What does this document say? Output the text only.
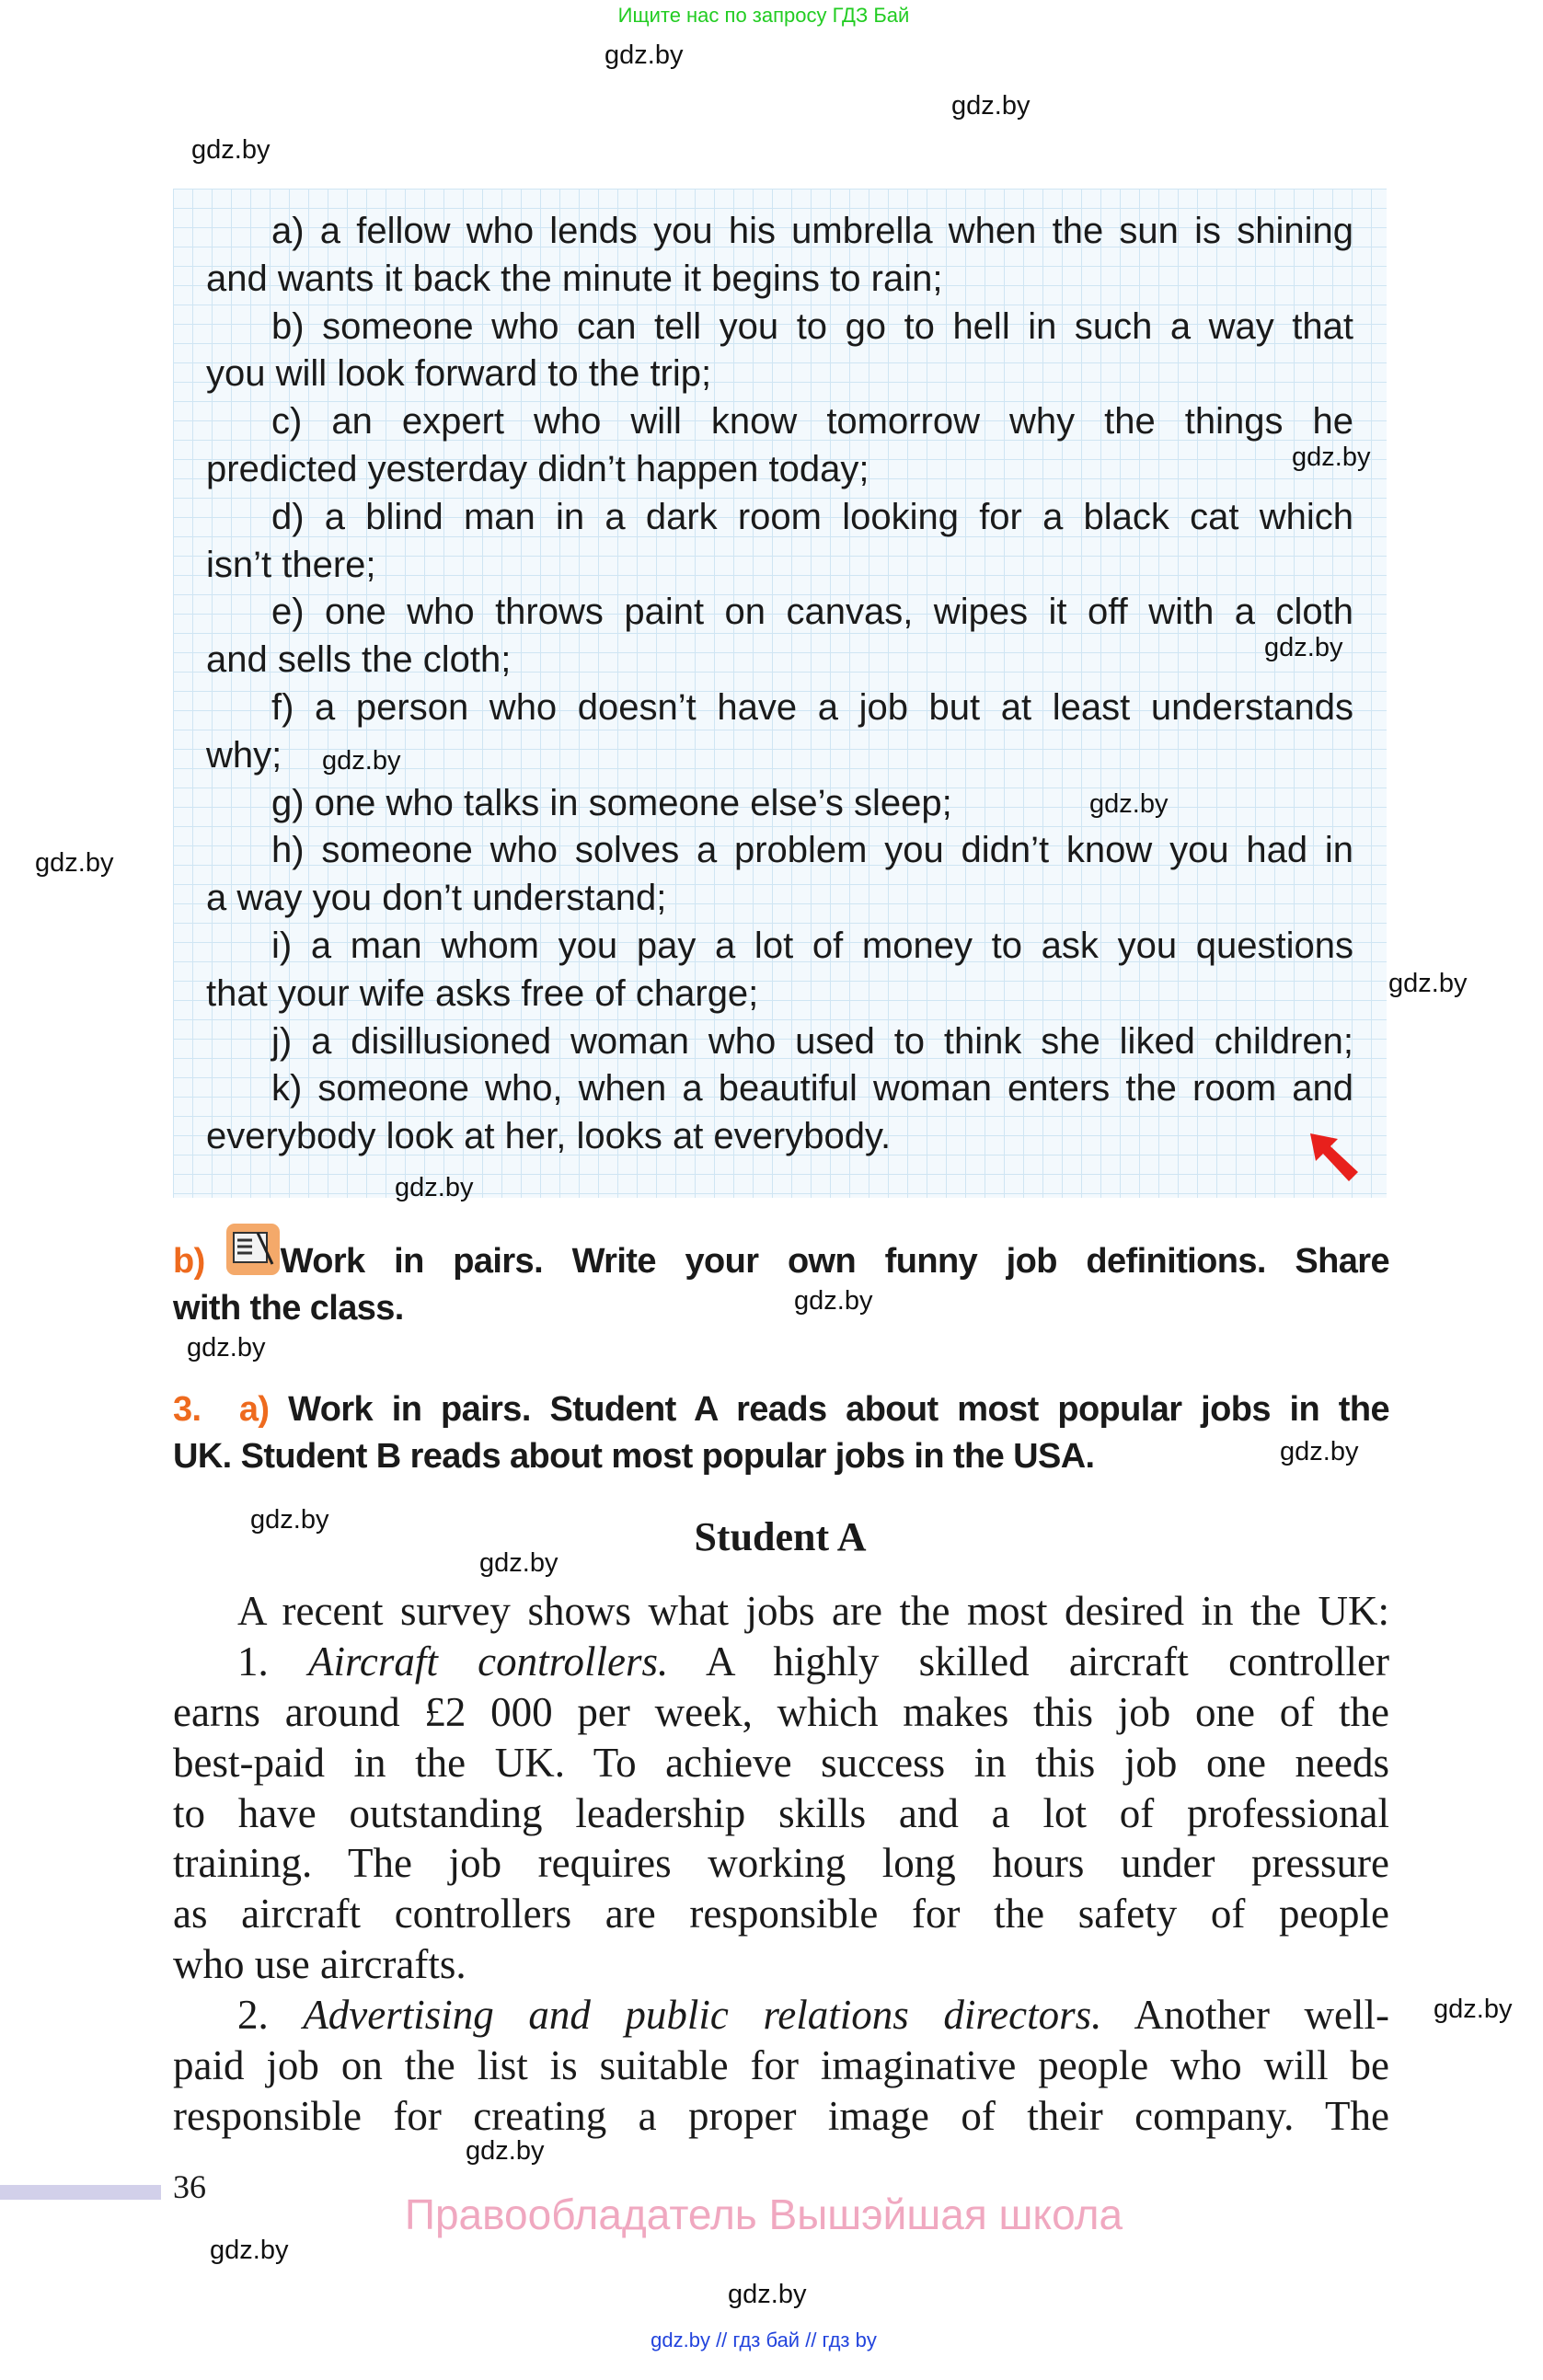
Ищите нас по запросу ГДЗ Бай
a) a fellow who lends you his umbrella when the sun is shining
and wants it back the minute it begins to rain;
b) someone who can tell you to go to hell in such a way that
you will look forward to the trip;
c) an expert who will know tomorrow why the things he
predicted yesterday didn’t happen today;
d) a blind man in a dark room looking for a black cat which
isn’t there;
e) one who throws paint on canvas, wipes it off with a cloth
and sells the cloth;
f) a person who doesn’t have a job but at least understands
why;
g) one who talks in someone else’s sleep;
h) someone who solves a problem you didn’t know you had in
a way you don’t understand;
i) a man whom you pay a lot of money to ask you questions
that your wife asks free of charge;
j) a disillusioned woman who used to think she liked children;
k) someone who, when a beautiful woman enters the room and
everybody look at her, looks at everybody.
b) Work in pairs. Write your own funny job definitions. Share
with the class.
3. a) Work in pairs. Student A reads about most popular jobs in the
UK. Student B reads about most popular jobs in the USA.
Student A
A recent survey shows what jobs are the most desired in the UK:
1. Aircraft controllers. A highly skilled aircraft controller
earns around £2 000 per week, which makes this job one of the
best-paid in the UK. To achieve success in this job one needs
to have outstanding leadership skills and a lot of professional
training. The job requires working long hours under pressure
as aircraft controllers are responsible for the safety of people
who use aircrafts.
2. Advertising and public relations directors. Another well-
paid job on the list is suitable for imaginative people who will be
responsible for creating a proper image of their company. The
36
Правообладатель Вышэйшая школа
gdz.by // гдз бай // гдз by
gdz.by
gdz.by
gdz.by
gdz.by
gdz.by
gdz.by
gdz.by
gdz.by
gdz.by
gdz.by
gdz.by
gdz.by
gdz.by
gdz.by
gdz.by
gdz.by
gdz.by
gdz.by
gdz.by
